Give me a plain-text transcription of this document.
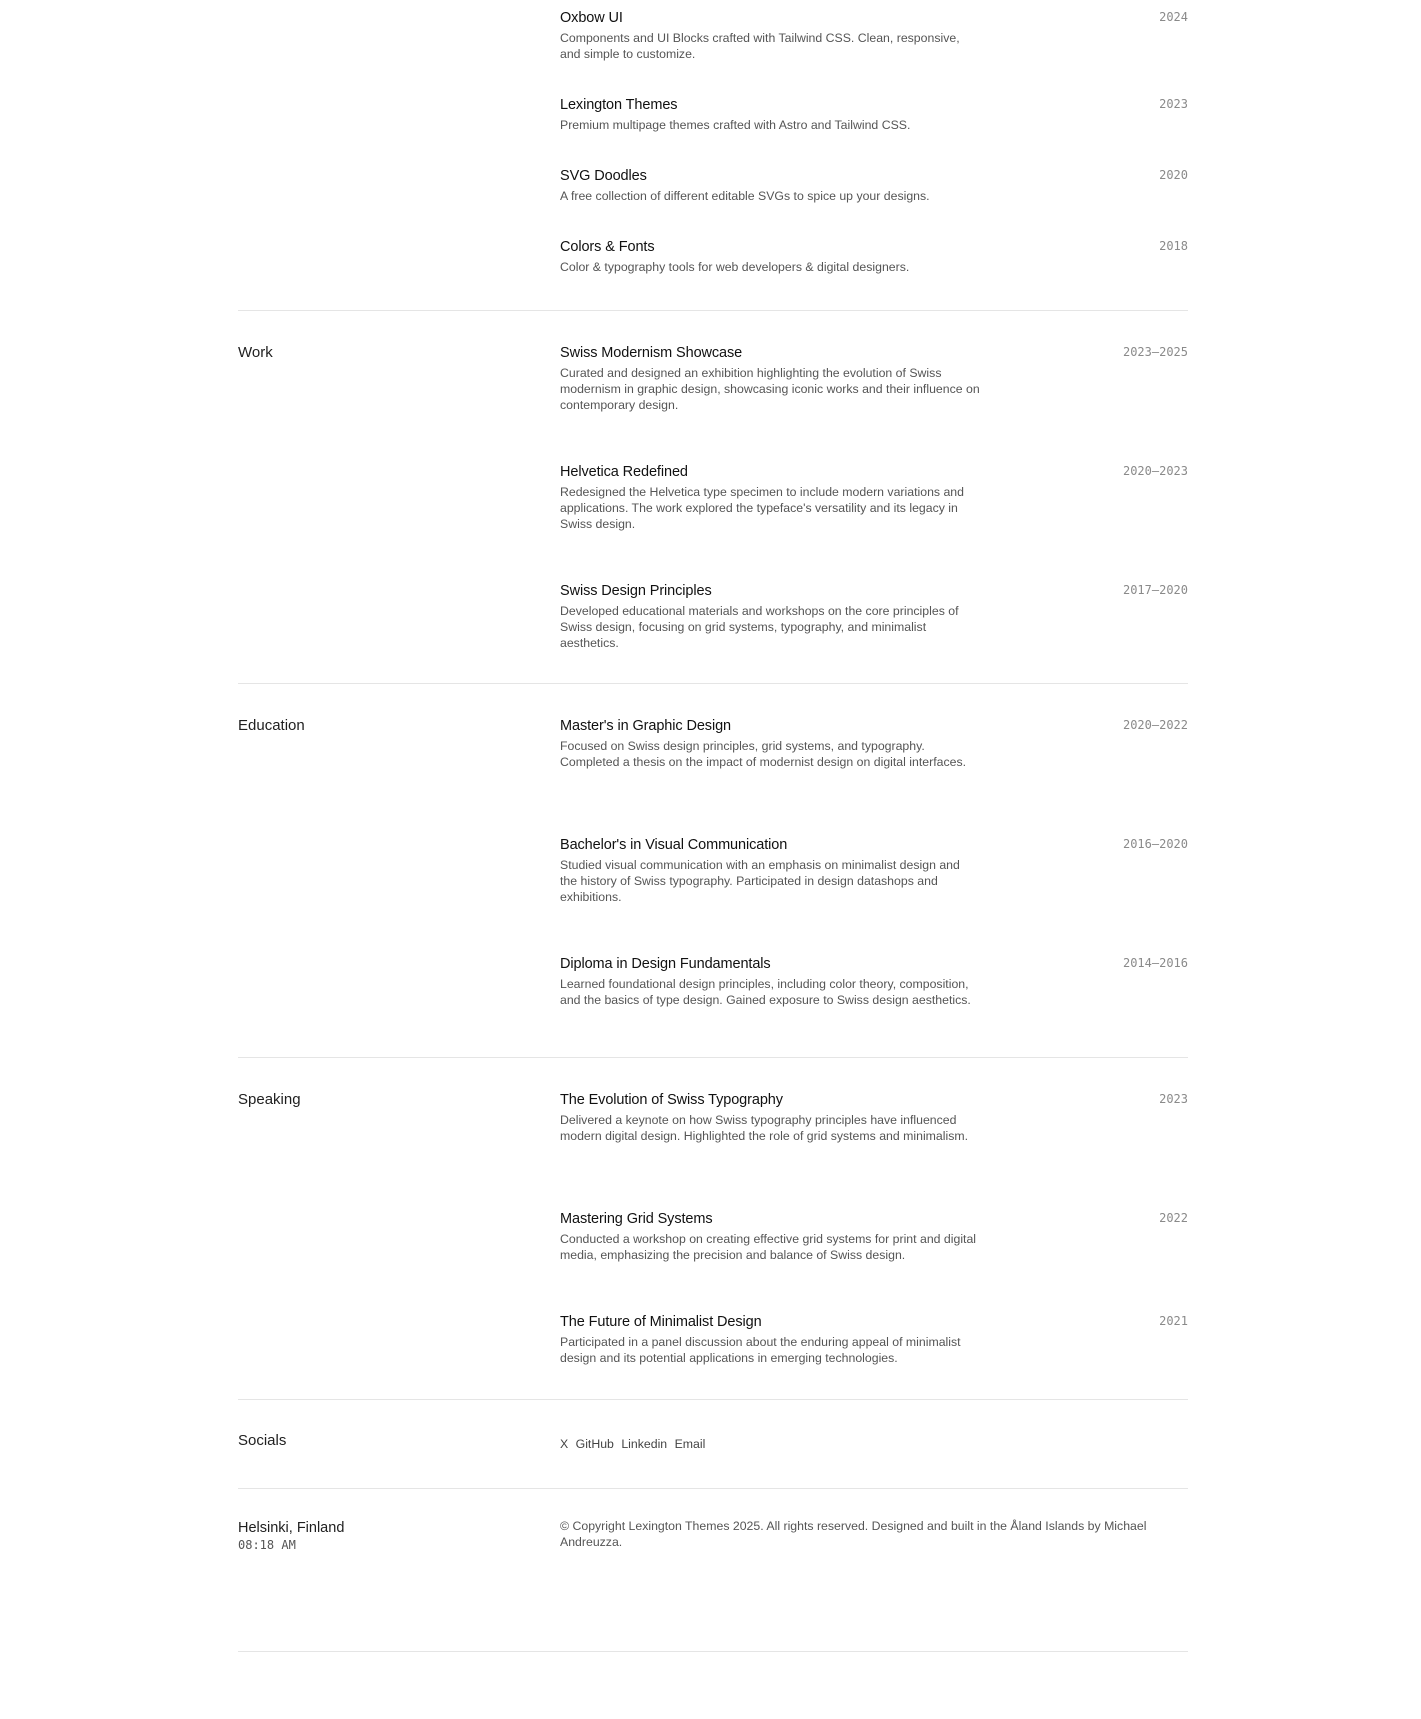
Oxbow UI
Components and UI Blocks crafted with Tailwind CSS. Clean, responsive, and simple to customize.
2024
Lexington Themes
Premium multipage themes crafted with Astro and Tailwind CSS.
2023
SVG Doodles
A free collection of different editable SVGs to spice up your designs.
2020
Colors & Fonts
Color & typography tools for web developers & digital designers.
2018
Work	Swiss Modernism Showcase
Curated and designed an exhibition highlighting the evolution of Swiss modernism in graphic design, showcasing iconic works and their influence on contemporary design.
2023—2025
Helvetica Redefined
Redesigned the Helvetica type specimen to include modern variations and applications. The work explored the typeface's versatility and its legacy in Swiss design.
2020—2023
Swiss Design Principles
Developed educational materials and workshops on the core principles of Swiss design, focusing on grid systems, typography, and minimalist aesthetics.
2017—2020
Education	Master's in Graphic Design
Focused on Swiss design principles, grid systems, and typography. Completed a thesis on the impact of modernist design on digital interfaces.
2020—2022
Bachelor's in Visual Communication
Studied visual communication with an emphasis on minimalist design and the history of Swiss typography. Participated in design datashops and exhibitions.
2016—2020
Diploma in Design Fundamentals
Learned foundational design principles, including color theory, composition, and the basics of type design. Gained exposure to Swiss design aesthetics.
2014—2016
Speaking	The Evolution of Swiss Typography
Delivered a keynote on how Swiss typography principles have influenced modern digital design. Highlighted the role of grid systems and minimalism.
2023
Mastering Grid Systems
Conducted a workshop on creating effective grid systems for print and digital media, emphasizing the precision and balance of Swiss design.
2022
The Future of Minimalist Design
Participated in a panel discussion about the enduring appeal of minimalist design and its potential applications in emerging technologies.
2021
Socials	X GitHub Linkedin Email
Helsinki, Finland
08:18 AM
© Copyright Lexington Themes 2025. All rights reserved. Designed and built in the Åland Islands by Michael Andreuzza.
